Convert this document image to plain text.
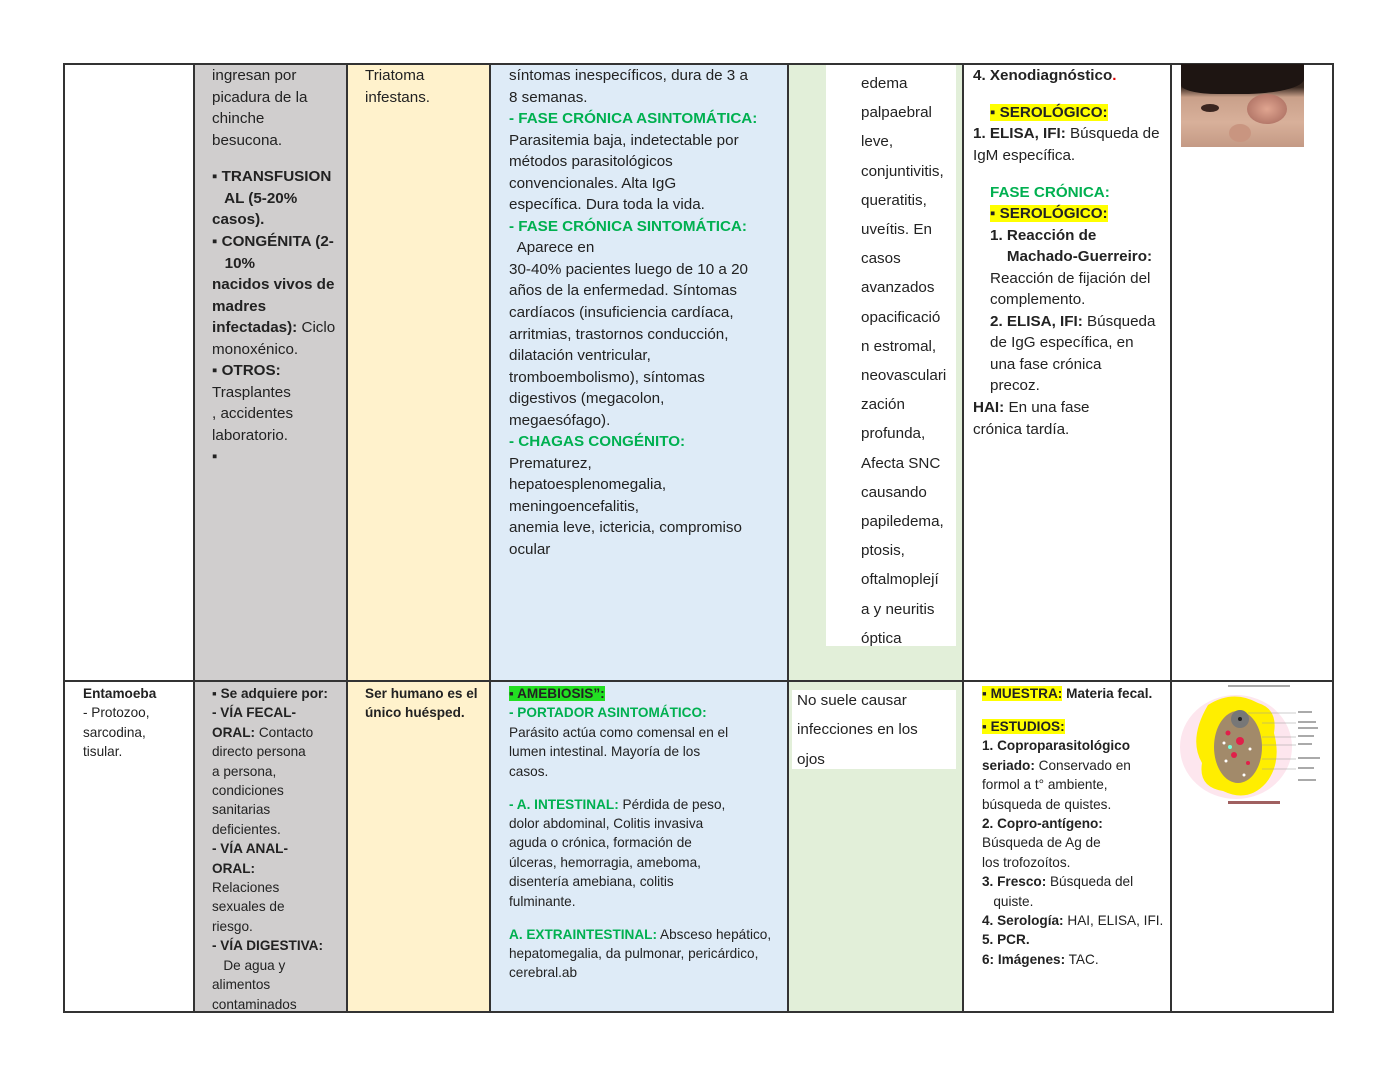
ingresan por
picadura de la
chinche
besucona.
▪ TRANSFUSION
AL (5-20%
casos).
▪ CONGÉNITA (2-
10%
nacidos vivos de
madres
infectadas): Ciclo
monoxénico.
▪ OTROS:
Trasplantes
, accidentes
laboratorio.
▪
Triatoma
infestans.
síntomas inespecíficos, dura de 3 a
8 semanas.
- FASE CRÓNICA ASINTOMÁTICA:
Parasitemia baja, indetectable por
métodos parasitológicos
convencionales. Alta IgG
específica. Dura toda la vida.
- FASE CRÓNICA SINTOMÁTICA:
Aparece en
30-40% pacientes luego de 10 a 20
años de la enfermedad. Síntomas
cardíacos (insuficiencia cardíaca,
arritmias, trastornos conducción,
dilatación ventricular,
tromboembolismo), síntomas
digestivos (megacolon,
megaesófago).
- CHAGAS CONGÉNITO:
Prematurez,
hepatoesplenomegalia,
meningoencefalitis,
anemia leve, ictericia, compromiso
ocular
edema
palpaebral
leve,
conjuntivitis,
queratitis,
uveítis. En
casos
avanzados
opacificació
n estromal,
neovasculari
zación
profunda,
Afecta SNC
causando
papiledema,
ptosis,
oftalmoplejí
a y neuritis
óptica
4. Xenodiagnóstico.
▪ SEROLÓGICO:
1. ELISA, IFI: Búsqueda de
IgM específica.
FASE CRÓNICA:
▪ SEROLÓGICO:
1. Reacción de
Machado-Guerreiro:
Reacción de fijación del
complemento.
2. ELISA, IFI: Búsqueda
de IgG específica, en
una fase crónica
precoz.
HAI: En una fase
crónica tardía.
Entamoeba
- Protozoo,
sarcodina,
tisular.
▪ Se adquiere por:
- VÍA FECAL-
ORAL: Contacto
directo persona
a persona,
condiciones
sanitarias
deficientes.
- VÍA ANAL-
ORAL:
Relaciones
sexuales de
riesgo.
- VÍA DIGESTIVA:
De agua y
alimentos
contaminados
Ser humano es el
único huésped.
▪ AMEBIOSIS”:
- PORTADOR ASINTOMÁTICO:
Parásito actúa como comensal en el
lumen intestinal. Mayoría de los
casos.
- A. INTESTINAL: Pérdida de peso,
dolor abdominal, Colitis invasiva
aguda o crónica, formación de
úlceras, hemorragia, ameboma,
disentería amebiana, colitis
fulminante.
A. EXTRAINTESTINAL: Absceso hepático,
hepatomegalia, da pulmonar, pericárdico,
cerebral.ab
No suele causar
infecciones en los
ojos
▪ MUESTRA: Materia fecal.
▪ ESTUDIOS:
1. Coproparasitológico
seriado: Conservado en
formol a t° ambiente,
búsqueda de quistes.
2. Copro-antígeno:
Búsqueda de Ag de
los trofozoítos.
3. Fresco: Búsqueda del
quiste.
4. Serología: HAI, ELISA, IFI.
5. PCR.
6: Imágenes: TAC.
